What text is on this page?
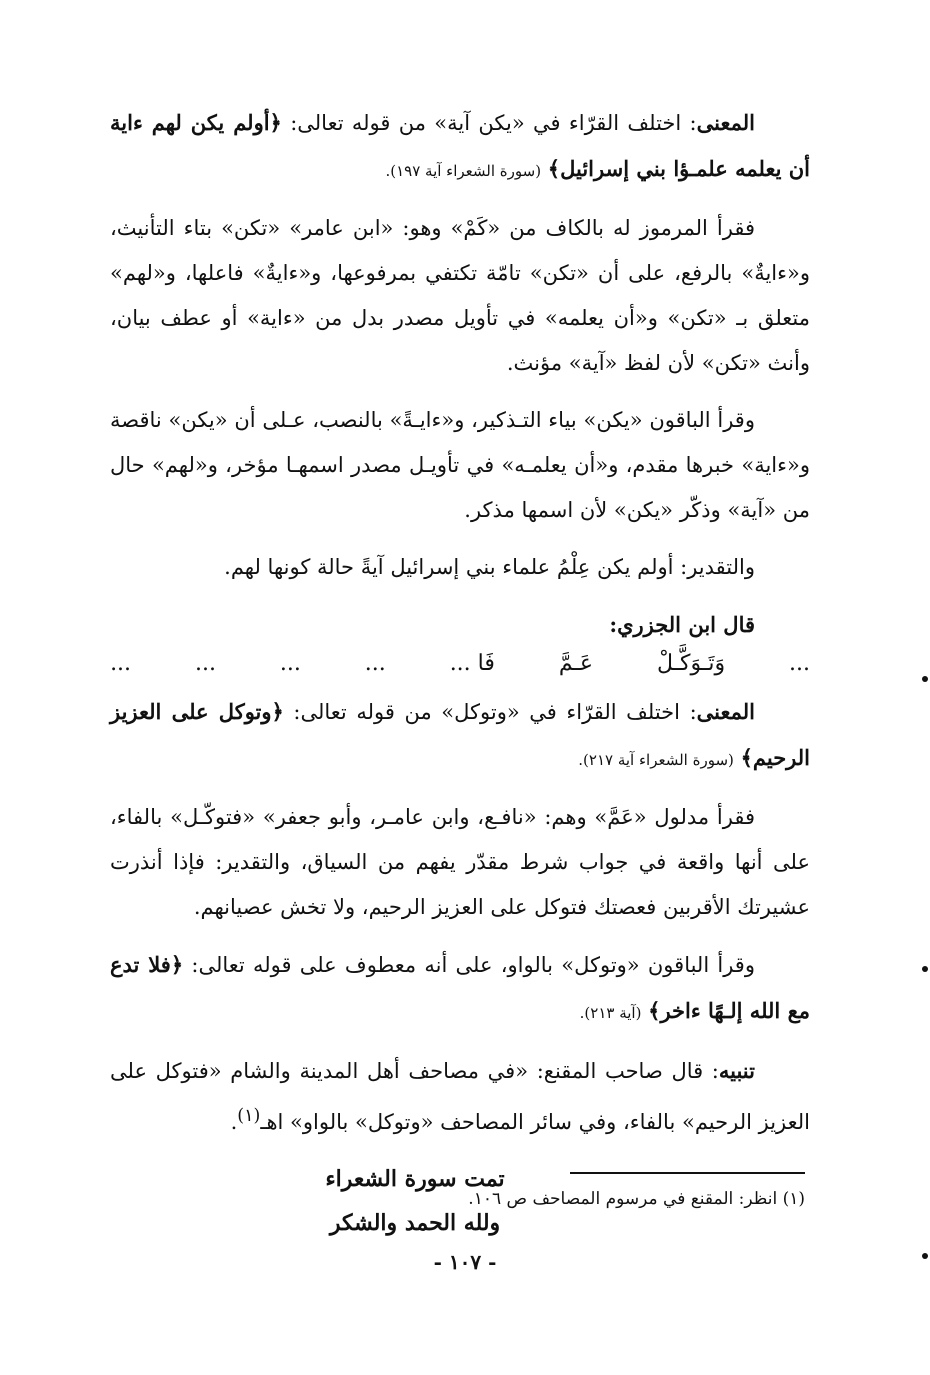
المعنى: اختلف القرّاء في «يكن آية» من قوله تعالى: ﴿أولم يكن لهم ءاية أن يعلمه علمـؤا بني إسرائيل﴾ (سورة الشعراء آية ١٩٧).

فقرأ المرموز له بالكاف من «كَمْ» وهو: «ابن عامر» «تكن» بتاء التأنيث، و«ءايةٌ» بالرفع، على أن «تكن» تامّة تكتفي بمرفوعها، و«ءايةٌ» فاعلها، و«لهم» متعلق بـ «تكن» و«أن يعلمه» في تأويل مصدر بدل من «ءاية» أو عطف بيان، وأنث «تكن» لأن لفظ «آية» مؤنث.

وقرأ الباقون «يكن» بياء التـذكير، و«ءايـةً» بالنصب، عـلى أن «يكن» ناقصة و«ءاية» خبرها مقدم، و«أن يعلمـه» في تأويـل مصدر اسمهـا مؤخر، و«لهم» حال من «آية» وذكّر «يكن» لأن اسمها مذكر.

والتقدير: أولم يكن عِلْمُ علماء بني إسرائيل آيةً حالة كونها لهم.

قال ابن الجزري:

...
وَتَـوَكَّـلْ
عَـمَّ
فَا ...
...
...
...
...

المعنى: اختلف القرّاء في «وتوكل» من قوله تعالى: ﴿وتوكل على العزيز الرحيم﴾ (سورة الشعراء آية ٢١٧).

فقرأ مدلول «عَمَّ» وهم: «نافـع، وابن عامـر، وأبو جعفر» «فتوكّـل» بالفاء، على أنها واقعة في جواب شرط مقدّر يفهم من السياق، والتقدير: فإذا أنذرت عشيرتك الأقربين فعصتك فتوكل على العزيز الرحيم، ولا تخش عصيانهم.

وقرأ الباقون «وتوكل» بالواو، على أنه معطوف على قوله تعالى: ﴿فلا تدع مع الله إلـهًا ءاخر﴾ (آية ٢١٣).

تنبيه: قال صاحب المقنع: «في مصاحف أهل المدينة والشام «فتوكل على العزيز الرحيم» بالفاء، وفي سائر المصاحف «وتوكل» بالواو» اهـ$^{(١)}$.

تمت سورة الشعراء
ولله الحمد والشكر
(١) انظر: المقنع في مرسوم المصاحف ص ١٠٦.
- ١٠٧ -
